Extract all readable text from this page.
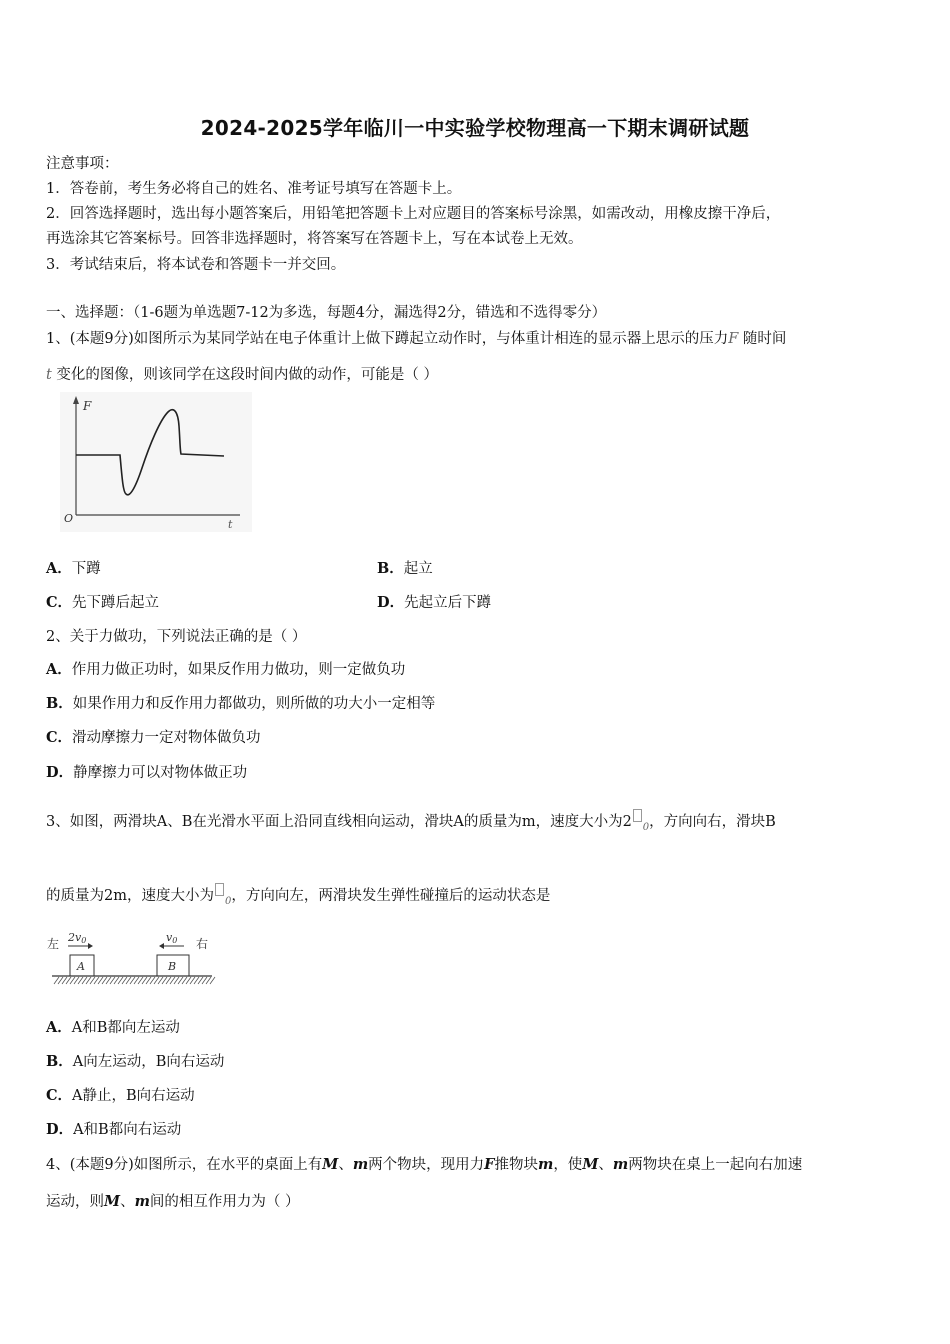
2024-2025学年临川一中实验学校物理高一下期末调研试题
注意事项：
1．答卷前，考生务必将自己的姓名、准考证号填写在答题卡上。
2．回答选择题时，选出每小题答案后，用铅笔把答题卡上对应题目的答案标号涂黑，如需改动，用橡皮擦干净后，
再选涂其它答案标号。回答非选择题时，将答案写在答题卡上，写在本试卷上无效。
3．考试结束后，将本试卷和答题卡一并交回。
一、选择题：（1-6题为单选题7-12为多选，每题4分，漏选得2分，错选和不选得零分）
1、(本题9分)如图所示为某同学站在电子体重计上做下蹲起立动作时，与体重计相连的显示器上思示的压力F 随时间
t 变化的图像，则该同学在这段时间内做的动作，可能是（ ）
F
t
O
A．下蹲	B．起立
C．先下蹲后起立	D．先起立后下蹲
2、关于力做功，下列说法正确的是（ ）
A．作用力做正功时，如果反作用力做功，则一定做负功
B．如果作用力和反作用力都做功，则所做的功大小一定相等
C．滑动摩擦力一定对物体做负功
D．静摩擦力可以对物体做正功
3、如图，两滑块A、B在光滑水平面上沿同直线相向运动，滑块A的质量为m，速度大小为2 $_0$，方向向右，滑块B
的质量为2m，速度大小为 $_0$，方向向左，两滑块发生弹性碰撞后的运动状态是
左	右
2v0	v0
A	B
A．A和B都向左运动
B．A向左运动，B向右运动
C．A静止，B向右运动
D．A和B都向右运动
4、(本题9分)如图所示，在水平的桌面上有M、m两个物块，现用力F推物块m，使M、m两物块在桌上一起向右加速
运动，则M、m间的相互作用力为（ ）
